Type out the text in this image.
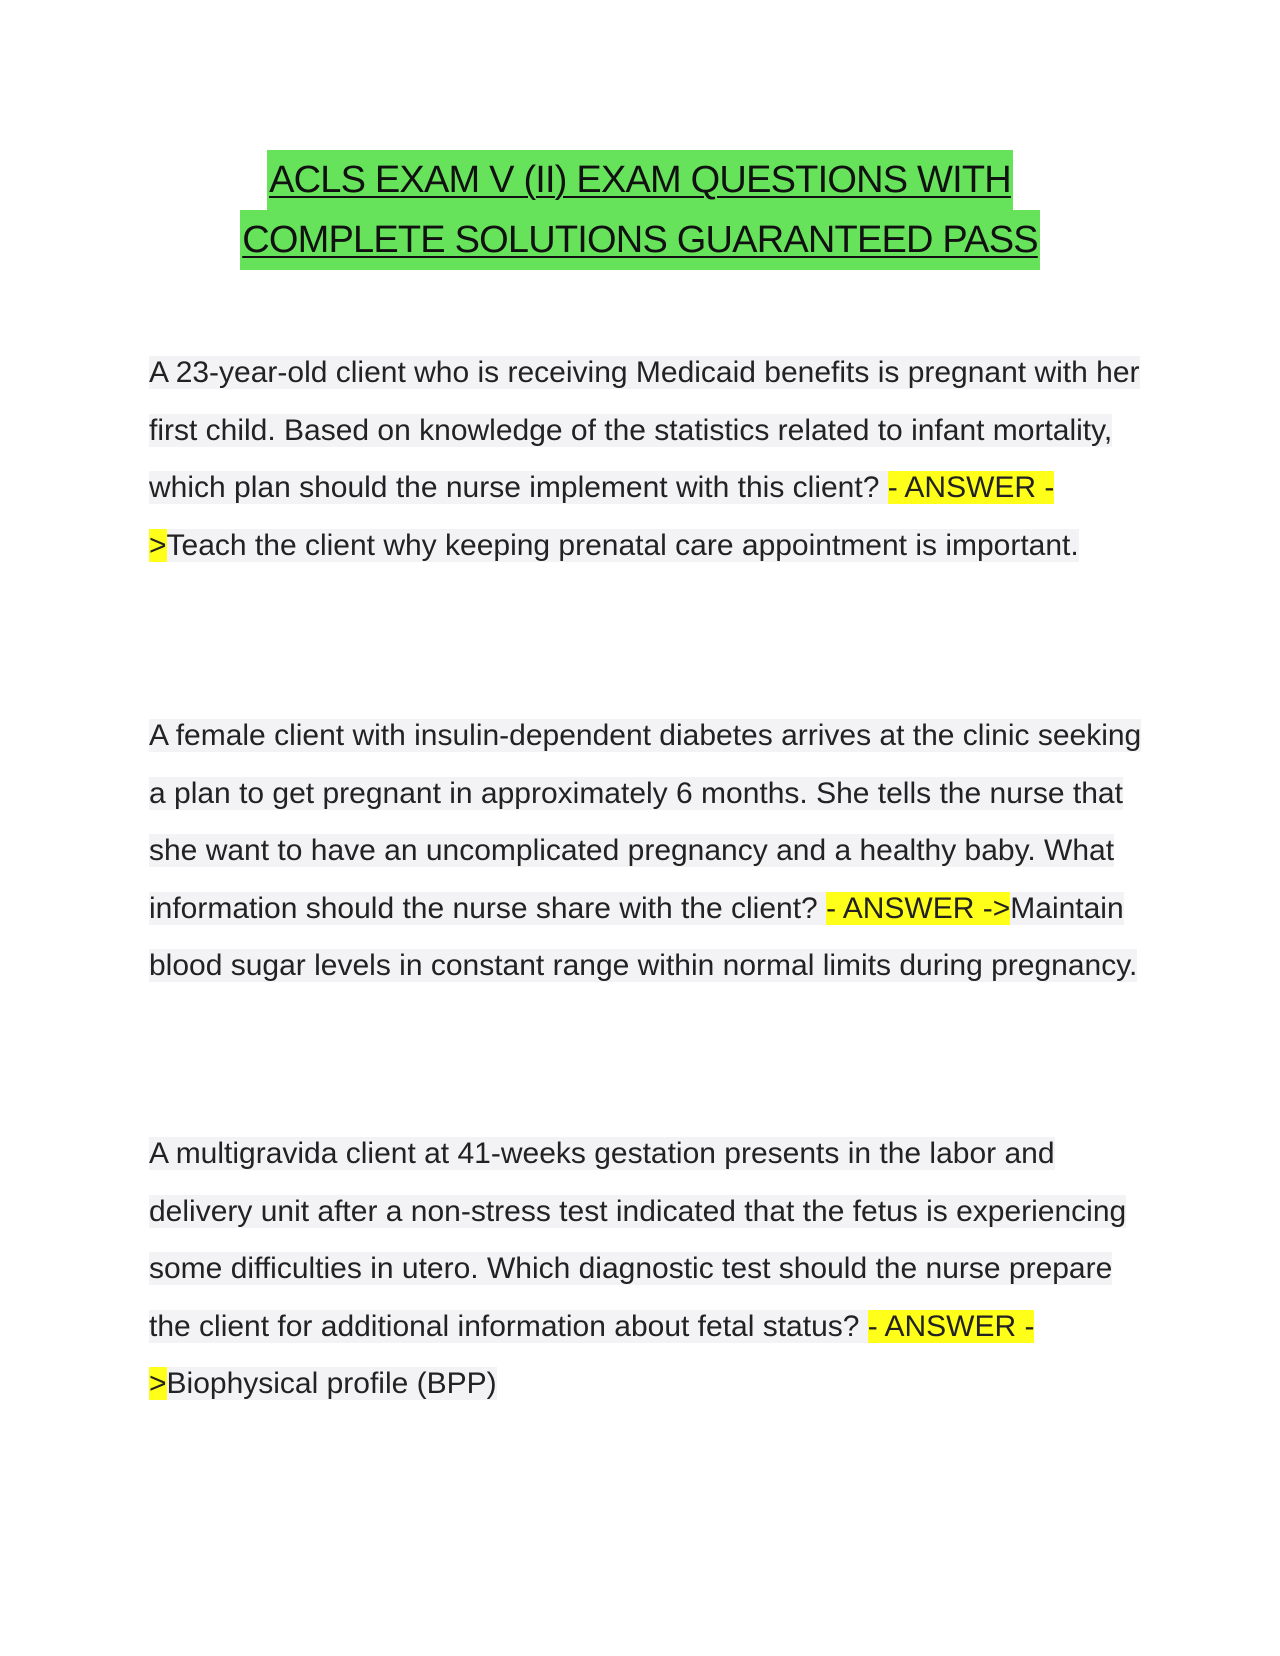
ACLS EXAM V (II) EXAM QUESTIONS WITH
COMPLETE SOLUTIONS GUARANTEED PASS
A 23-year-old client who is receiving Medicaid benefits is pregnant with her first child. Based on knowledge of the statistics related to infant mortality, which plan should the nurse implement with this client? - ANSWER ->Teach the client why keeping prenatal care appointment is important.
A female client with insulin-dependent diabetes arrives at the clinic seeking a plan to get pregnant in approximately 6 months. She tells the nurse that she want to have an uncomplicated pregnancy and a healthy baby. What information should the nurse share with the client? - ANSWER ->Maintain blood sugar levels in constant range within normal limits during pregnancy.
A multigravida client at 41-weeks gestation presents in the labor and delivery unit after a non-stress test indicated that the fetus is experiencing some difficulties in utero. Which diagnostic test should the nurse prepare the client for additional information about fetal status? - ANSWER ->Biophysical profile (BPP)
